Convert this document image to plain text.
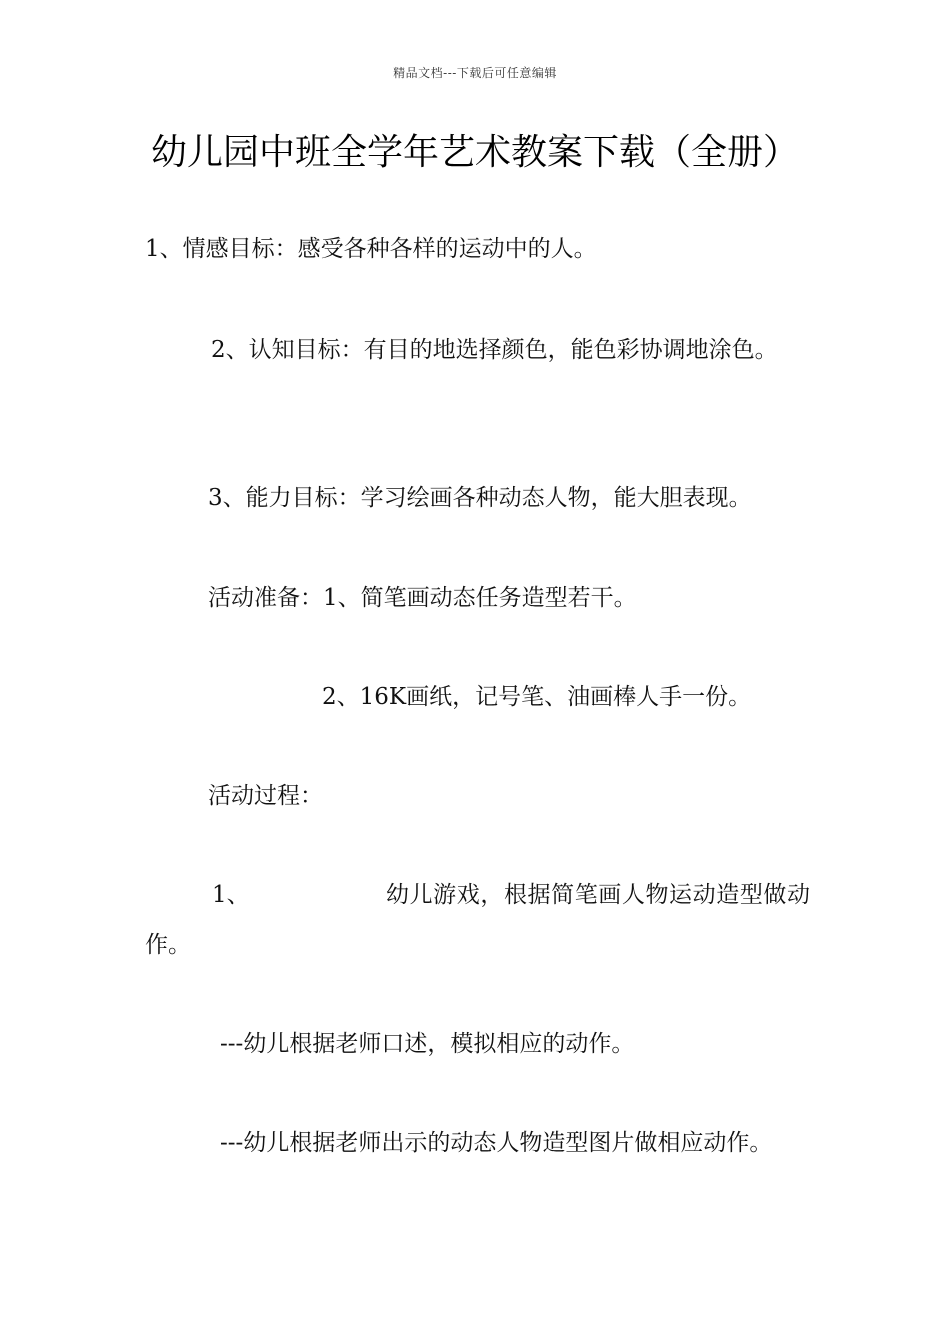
精品文档---下载后可任意编辑
幼儿园中班全学年艺术教案下载（全册）
1、情感目标：感受各种各样的运动中的人。
2、认知目标：有目的地选择颜色，能色彩协调地涂色。
3、能力目标：学习绘画各种动态人物，能大胆表现。
活动准备：1、简笔画动态任务造型若干。
2、16K画纸，记号笔、油画棒人手一份。
活动过程：
1、	幼儿游戏，根据简笔画人物运动造型做动作。
---幼儿根据老师口述，模拟相应的动作。
---幼儿根据老师出示的动态人物造型图片做相应动作。
